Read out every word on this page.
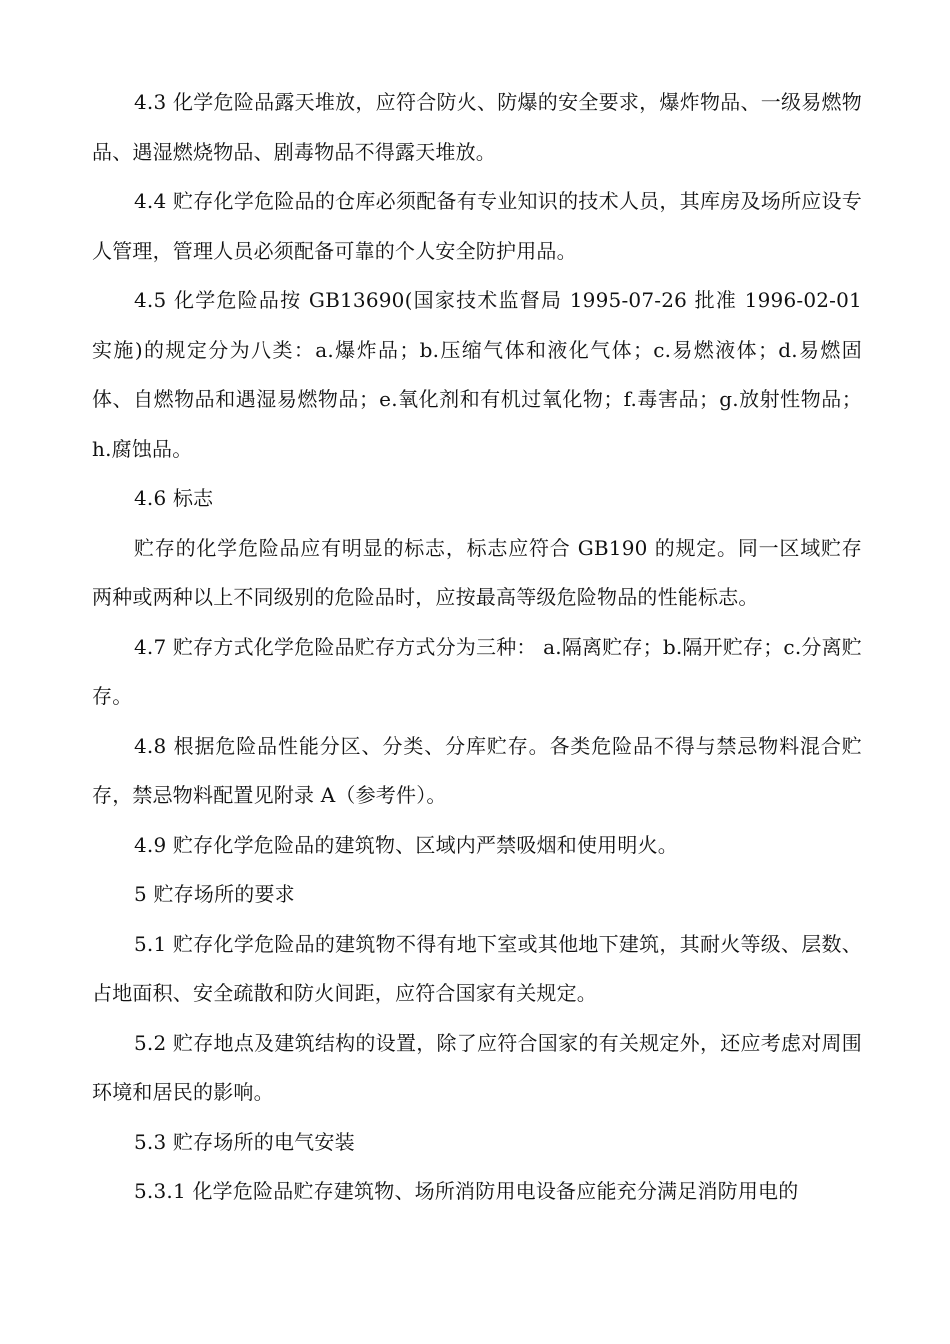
4.3 化学危险品露天堆放，应符合防火、防爆的安全要求，爆炸物品、一级易燃物品、遇湿燃烧物品、剧毒物品不得露天堆放。

4.4 贮存化学危险品的仓库必须配备有专业知识的技术人员，其库房及场所应设专人管理，管理人员必须配备可靠的个人安全防护用品。

4.5 化学危险品按 GB13690(国家技术监督局 1995-07-26 批准 1996-02-01 实施)的规定分为八类：a.爆炸品；b.压缩气体和液化气体；c.易燃液体；d.易燃固体、自燃物品和遇湿易燃物品；e.氧化剂和有机过氧化物；f.毒害品；g.放射性物品；h.腐蚀品。

4.6 标志

贮存的化学危险品应有明显的标志，标志应符合 GB190 的规定。同一区域贮存两种或两种以上不同级别的危险品时，应按最高等级危险物品的性能标志。

4.7 贮存方式化学危险品贮存方式分为三种： a.隔离贮存；b.隔开贮存；c.分离贮存。

4.8 根据危险品性能分区、分类、分库贮存。各类危险品不得与禁忌物料混合贮存，禁忌物料配置见附录 A（参考件）。

4.9 贮存化学危险品的建筑物、区域内严禁吸烟和使用明火。

5 贮存场所的要求

5.1 贮存化学危险品的建筑物不得有地下室或其他地下建筑，其耐火等级、层数、占地面积、安全疏散和防火间距，应符合国家有关规定。

5.2 贮存地点及建筑结构的设置，除了应符合国家的有关规定外，还应考虑对周围环境和居民的影响。

5.3 贮存场所的电气安装

5.3.1 化学危险品贮存建筑物、场所消防用电设备应能充分满足消防用电的
